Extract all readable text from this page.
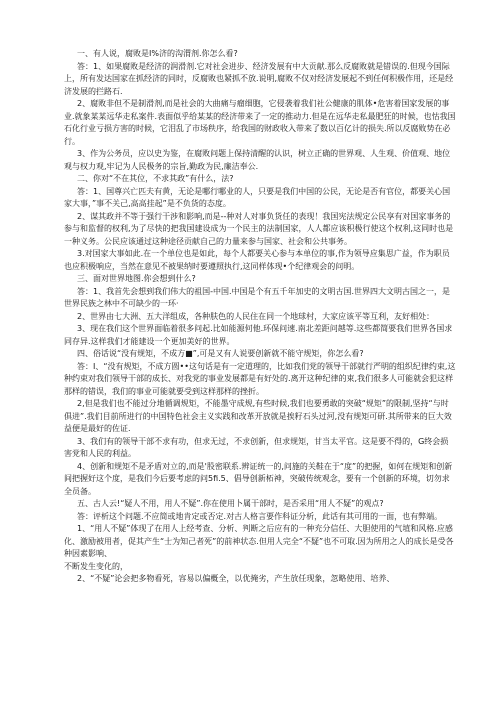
一、有人说，腐败是I%济的沟渭剂.你怎么看?

答：1、如果腐败是经济的润滑剂.它对社会进步、经济发展有中大贡献.那么反腐败就是错误的.但现今国际上，所有发达国家在抓经济的同时，反腐败也紧抓不放.说明,腐败不仅对经济发展起不到任何积极作用，还是经济发展的拦路石.

2、腐败非但不是制滑剂,而是社会的大曲痛与瘤细胞，它侵袭着我们社公健康的肌体•危害着国家发展的事业.就象某某远华走私案件.表面似乎给某某的经济带来了一定的推动力.但是在远华走私最肥狂的时候，也怙我国石化行业亏损方害的时候，它泪乱了市场秩序，给我国的财政收入带来了数以百亿计的损失.所以反腐败势在必行。

3、作为公务员，应以史为鉴，在腐败问题上保持清醒的认识，树立正确的世界观、人生观、价值观、地位观与权力观,牢记为人民极务的宗旨,勤政为民,廉洁奉公.

二、你对“不在其位，不求其政”有什么，法?

答：1、国尊兴亡匹夫有黄，无论是哪行哪业的人，只要是我们中国的公民，无论是否有官位，都要关心国家大事，”事不关己,高高挂起”是不负货的态度。

2、谋其政并不等于强行干涉和影响,而是--种对人对事负货任的表现！我国宪法规定公民享有对国家事务的参与和监督的权利,为了尽快的把我国建设成为一个民主的法制国家，人人都应该积极行使这个权利,这同时也是一种义务。公民应该通过这种途径贡献自己的力量来参与国家、社会和公共事务。

3.对国家大事如此.在一个单位也是如此，每个人都要关心参与本单位的事,作为领导应集思广益，作为职员也应积极响应，当然在意见不被果纳时要遵照执行,这同样体现•个纪律观会的问明。

三、面对世界地图.你会想到什么?

答：1、我首先会想到我们伟大的祖国-中国.中国是个有五千年加史的文明古国.世界四大文明古国之一，是世界民族之林中不可缺少的一环·

2、世界由七大洲、五大洋组成，各种肤色的人民住在同一个地球村，大家应该平等互利，友好相处：

3、现在我们这个世界面临着很多问起.比如能源何他.环保问速.南北差距问越等.这些都简要我们世界各国求同存异.这样我们才能建设一个更加美好的世界。

四、俗话说“没有规矩，不成方■”,可是又有人说要创新就不能守规矩，你怎么看?

答：I、“没有规矩，不成方圆••这句话是有一定道理的，比如我们党的领导干部就行严明的组织纪律约束,这种约束对我们领导干部的成长、对我党的事业发展都是有好处的.离开这种纪律的束,我们很多人可能就会犯这样那样的错误，我们的事业可能就要受到这样那样的挫折。

2,但是我们也不能过分地循调规矩，不能墨守成规,有些时候,我们也要勇敢的突破“规矩”的限制,坚持“与时俱进”.我们目前所进行的中国特色社会主义实践和改革开放就是挨籽石头过河,没有规矩可研.其所带来的巨大效益便是最好的佐证.

3、我们有的领导干部不求有功，但求无过，不求创新，但求规矩，甘当太平官。这是要不得的，G终会损害党和人民的利益。

4、创新和规矩不是矛盾对立的,而是'股密联系.辨证统一的,问施的关鞋在于“度”的把握，如何在规矩和创新间把握好这个度，是我们今后要考虑的问5fi.5、倡导创新柘神，突破传统观念，要有一个创新的环境，切勿求全员备。

五、古人云!“疑人不用，用人不疑”.你在使用卜属干部时，是否采用“用人不疑”的观点?

答：评析这个问题.不应简或地肯定或否定.对古人格言要作科证分析，此话有其可用的一面，也有弊端。

1、“用人不疑”体现了在用人上经考查、分析、判断之后应有的一种充分信任、大胆使用的气埴和风格.应感化、激励被用者，促其产生“士为知己者死”的前神状态.但用人完全“不疑”也不可取.因为所用之人的成长是受各种因素影响、

不断发生变化的，

2、“不疑”论会把多物看死，容易以偏概全，以优掩劣，产生放任现象，忽略使用、培养、
